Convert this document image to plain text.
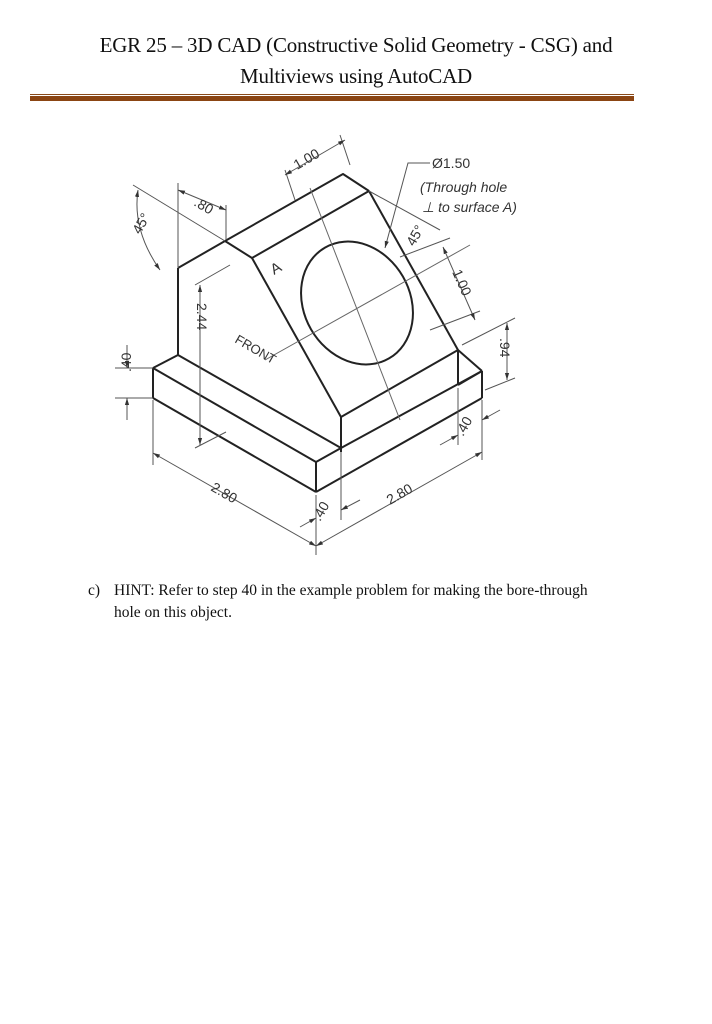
EGR 25 – 3D CAD (Constructive Solid Geometry - CSG) and
Multiviews using AutoCAD
1.00
.80
45°	45°
Ø1.50
(Through hole
⊥ to surface A)
1.00
.94
2.44
.40
.40
.40
2.80	2.80
A
FRONT
c) HINT: Refer to step 40 in the example problem for making the bore-through hole on this object.
